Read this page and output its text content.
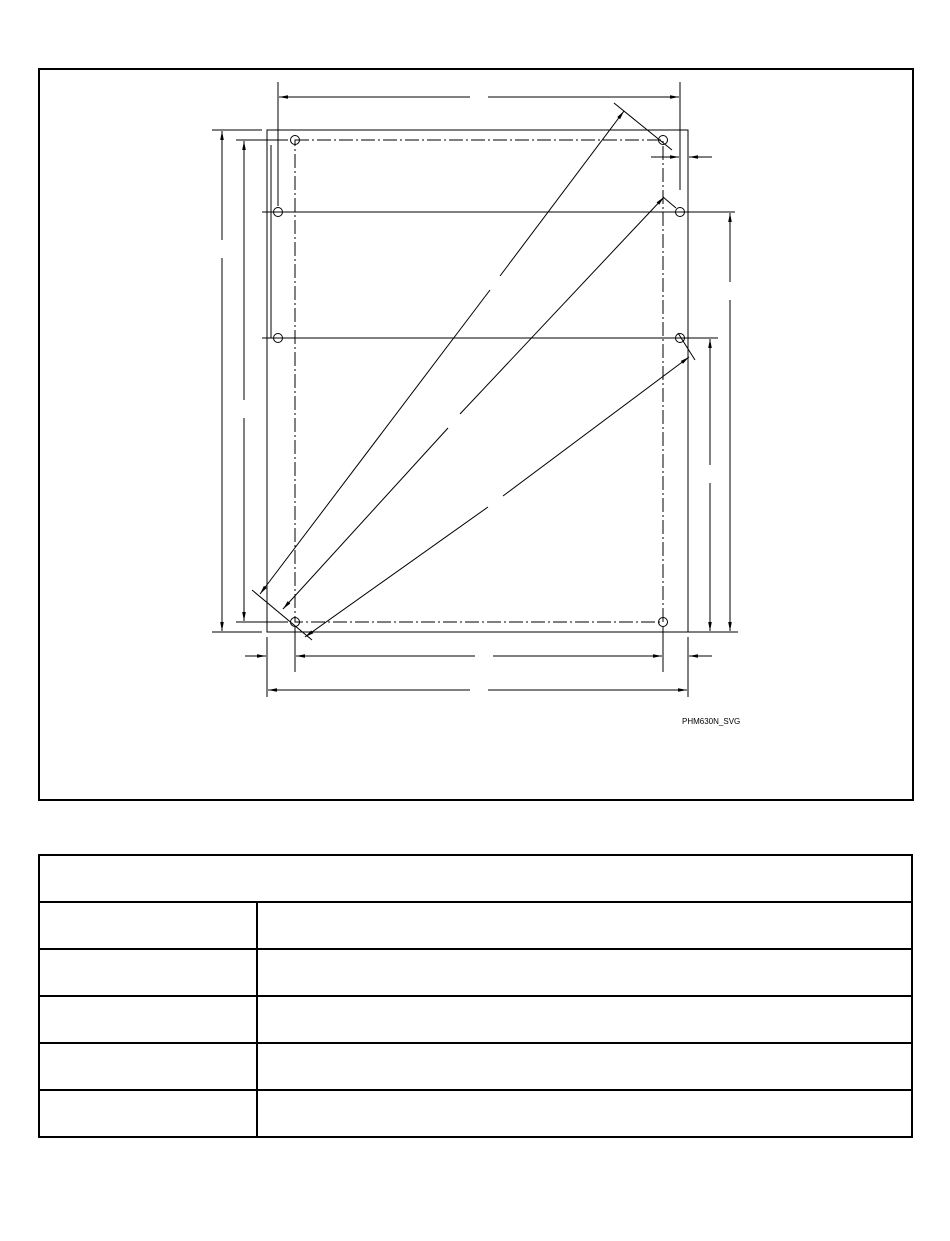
PHM630N_SVG
